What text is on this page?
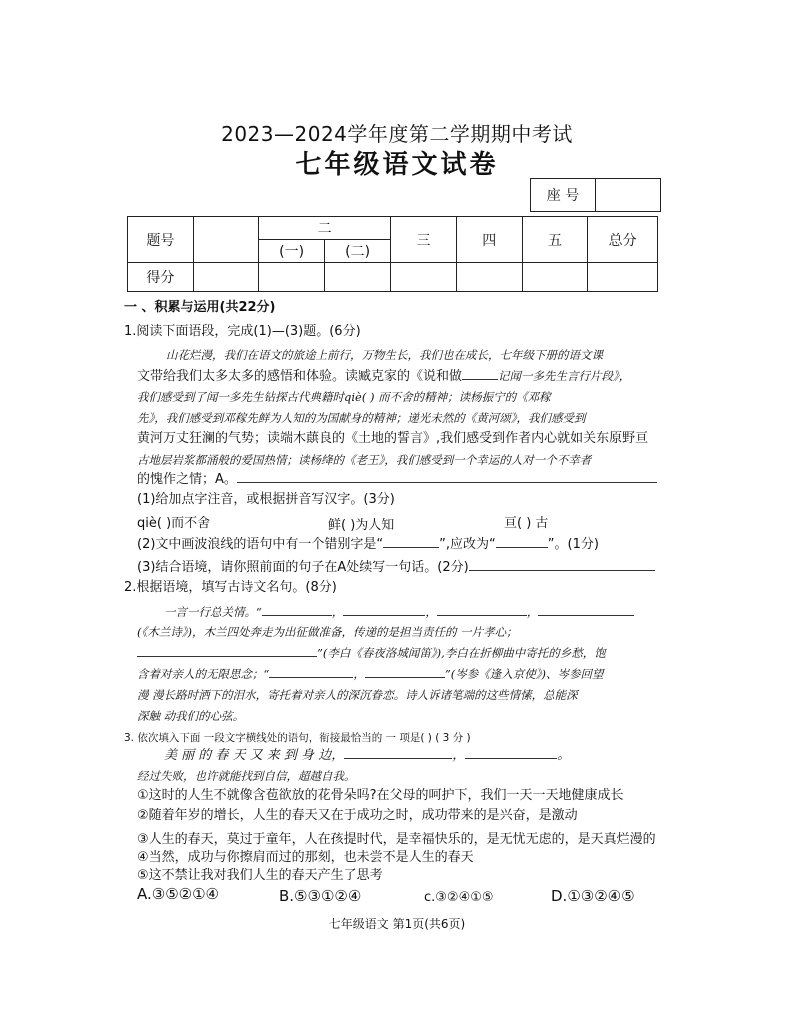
2023—2024学年度第二学期期中考试
七年级语文试卷
座 号	
题号		二		三	四	五	总分
		(一)	(二)				
得分							
一 、积累与运用(共22分)
1.阅读下面语段，完成(1)—(3)题。(6分)
山花烂漫，我们在语文的旅途上前行，万物生长，我们也在成长，七年级下册的语文课
文带给我们太多太多的感悟和体验。读臧克家的《说和做	记闻一多先生言行片段》，
我们感受到了闻一多先生钻探古代典籍时qiè( ) 而不舍的精神；读杨振宁的《邓稼
先》，我们感受到邓稼先鲜为人知的为国献身的精神；递光未然的《黄河颂》，我们感受到
黄河万丈狂澜的气势；读端木蕻良的《土地的誓言》,我们感受到作者内心就如关东原野亘
古地层岩浆都涌般的爱国热情；读杨绛的《老王》，我们感受到一个幸运的人对一个不幸者
的愧作之情；A。
(1)给加点字注音，或根据拼音写汉字。(3分)
qiè( )而不舍	鲜( )为人知	亘( ) 古
(2)文中画波浪线的语句中有一个错别字是“	”,应改为“	”。(1分)
(3)结合语境，请你照前面的句子在A处续写一句话。(2分)
2.根据语境，填写古诗文名句。(8分)
一言一行总关情。“	，	，	，
(《木兰诗》)，木兰四处奔走为出征做准备，传递的是担当责任的 一片孝心；
”(李白《春夜洛城闻笛》),李白在折柳曲中寄托的乡愁，饱
含着对亲人的无限思念；“	，	”(岑参《逢入京使》)、岑参回望
漫 漫长路时洒下的泪水，寄托着对亲人的深沉眷恋。诗人诉诸笔端的这些情愫，总能深
深触 动我们的心弦。
3. 依次填入下面 一段文字横线处的语句，衔接最恰当的 一 项是( ) ( 3 分 )
美 丽 的 春 天 又 来 到 身 边，	，	。
经过失败，也许就能找到自信，超越自我。
①这时的人生不就像含苞欲放的花骨朵吗?在父母的呵护下，我们一天一天地健康成长
②随着年岁的增长，人生的春天又在于成功之时，成功带来的是兴奋，是激动
③人生的春天，莫过于童年，人在孩提时代，是幸福快乐的，是无忧无虑的，是天真烂漫的
④当然，成功与你擦肩而过的那刻，也未尝不是人生的春天
⑤这不禁让我对我们人生的春天产生了思考
A.③⑤②①④	B.⑤③①②④	c.③②④①⑤	D.①③②④⑤
七年级语文 第1页(共6页)
